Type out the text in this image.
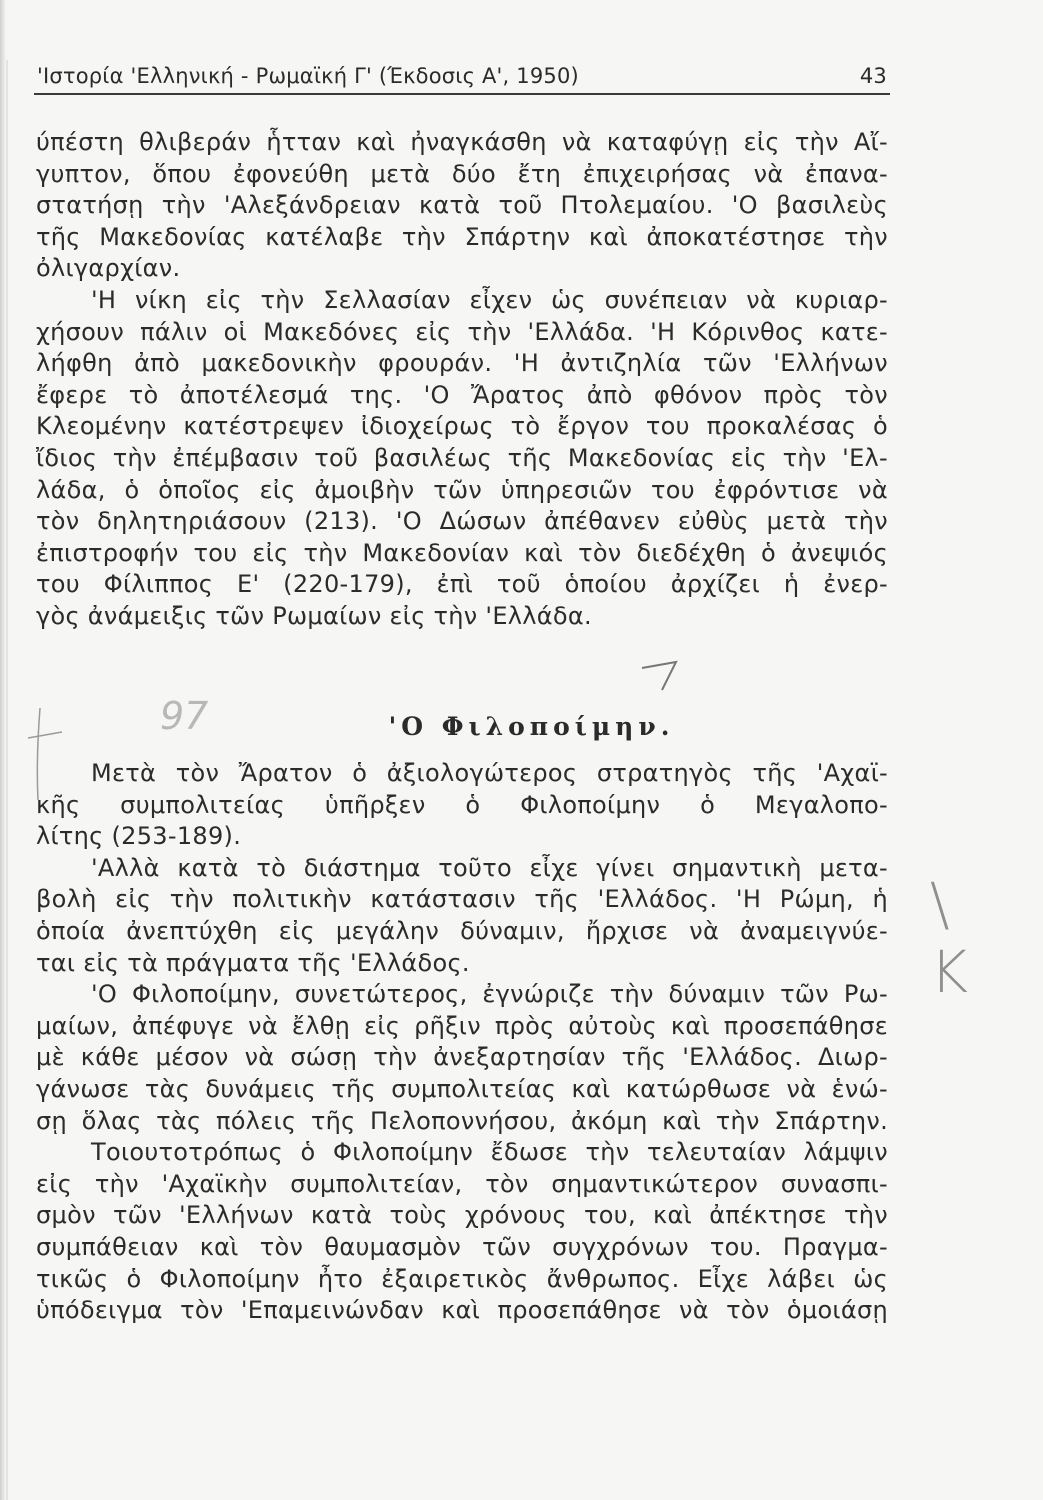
'Ιστορία 'Ελληνική - Ρωμαϊκή Γ' (Έκδοσις Α', 1950)	43
ύπέστη θλιβεράν ἧτταν καὶ ἠναγκάσθη νὰ καταφύγῃ εἰς τὴν Αἴ-
γυπτον, ὅπου ἐφονεύθη μετὰ δύο ἔτη ἐπιχειρήσας νὰ ἐπανα-
στατήσῃ τὴν 'Αλεξάνδρειαν κατὰ τοῦ Πτολεμαίου. 'Ο βασιλεὺς
τῆς Μακεδονίας κατέλαβε τὴν Σπάρτην καὶ ἀποκατέστησε τὴν
ὀλιγαρχίαν.
'Η νίκη εἰς τὴν Σελλασίαν εἶχεν ὡς συνέπειαν νὰ κυριαρ-
χήσουν πάλιν οἱ Μακεδόνες εἰς τὴν 'Ελλάδα. 'Η Κόρινθος κατε-
λήφθη ἀπὸ μακεδονικὴν φρουράν. 'Η ἀντιζηλία τῶν 'Ελλήνων
ἔφερε τὸ ἀποτέλεσμά της. 'Ο Ἄρατος ἀπὸ φθόνον πρὸς τὸν
Κλεομένην κατέστρεψεν ἰδιοχείρως τὸ ἔργον του προκαλέσας ὁ
ἴδιος τὴν ἐπέμβασιν τοῦ βασιλέως τῆς Μακεδονίας εἰς τὴν 'Ελ-
λάδα, ὁ ὁποῖος εἰς ἀμοιβὴν τῶν ὑπηρεσιῶν του ἐφρόντισε νὰ
τὸν δηλητηριάσουν (213). 'Ο Δώσων ἀπέθανεν εὐθὺς μετὰ τὴν
ἐπιστροφήν του εἰς τὴν Μακεδονίαν καὶ τὸν διεδέχθη ὁ ἀνεψιός
του Φίλιππος Ε' (220-179), ἐπὶ τοῦ ὁποίου ἀρχίζει ἡ ἐνερ-
γὸς ἀνάμειξις τῶν Ρωμαίων εἰς τὴν 'Ελλάδα.
'Ο Φιλοποίμην.
Μετὰ τὸν Ἄρατον ὁ ἀξιολογώτερος στρατηγὸς τῆς 'Αχαϊ-
κῆς συμπολιτείας ὑπῆρξεν ὁ Φιλοποίμην ὁ Μεγαλοπο-
λίτης (253-189).
'Αλλὰ κατὰ τὸ διάστημα τοῦτο εἶχε γίνει σημαντικὴ μετα-
βολὴ εἰς τὴν πολιτικὴν κατάστασιν τῆς 'Ελλάδος. 'Η Ρώμη, ἡ
ὁποία ἀνεπτύχθη εἰς μεγάλην δύναμιν, ἤρχισε νὰ ἀναμειγνύε-
ται εἰς τὰ πράγματα τῆς 'Ελλάδος.
'Ο Φιλοποίμην, συνετώτερος, ἐγνώριζε τὴν δύναμιν τῶν Ρω-
μαίων, ἀπέφυγε νὰ ἔλθῃ εἰς ρῆξιν πρὸς αὐτοὺς καὶ προσεπάθησε
μὲ κάθε μέσον νὰ σώσῃ τὴν ἀνεξαρτησίαν τῆς 'Ελλάδος. Διωρ-
γάνωσε τὰς δυνάμεις τῆς συμπολιτείας καὶ κατώρθωσε νὰ ἑνώ-
σῃ ὅλας τὰς πόλεις τῆς Πελοποννήσου, ἀκόμη καὶ τὴν Σπάρτην.
Τοιουτοτρόπως ὁ Φιλοποίμην ἔδωσε τὴν τελευταίαν λάμψιν
εἰς τὴν 'Αχαϊκὴν συμπολιτείαν, τὸν σημαντικώτερον συνασπι-
σμὸν τῶν 'Ελλήνων κατὰ τοὺς χρόνους του, καὶ ἀπέκτησε τὴν
συμπάθειαν καὶ τὸν θαυμασμὸν τῶν συγχρόνων του. Πραγμα-
τικῶς ὁ Φιλοποίμην ἦτο ἐξαιρετικὸς ἄνθρωπος. Εἶχε λάβει ὡς
ὑπόδειγμα τὸν 'Επαμεινώνδαν καὶ προσεπάθησε νὰ τὸν ὁμοιάσῃ
97
\ Κ
